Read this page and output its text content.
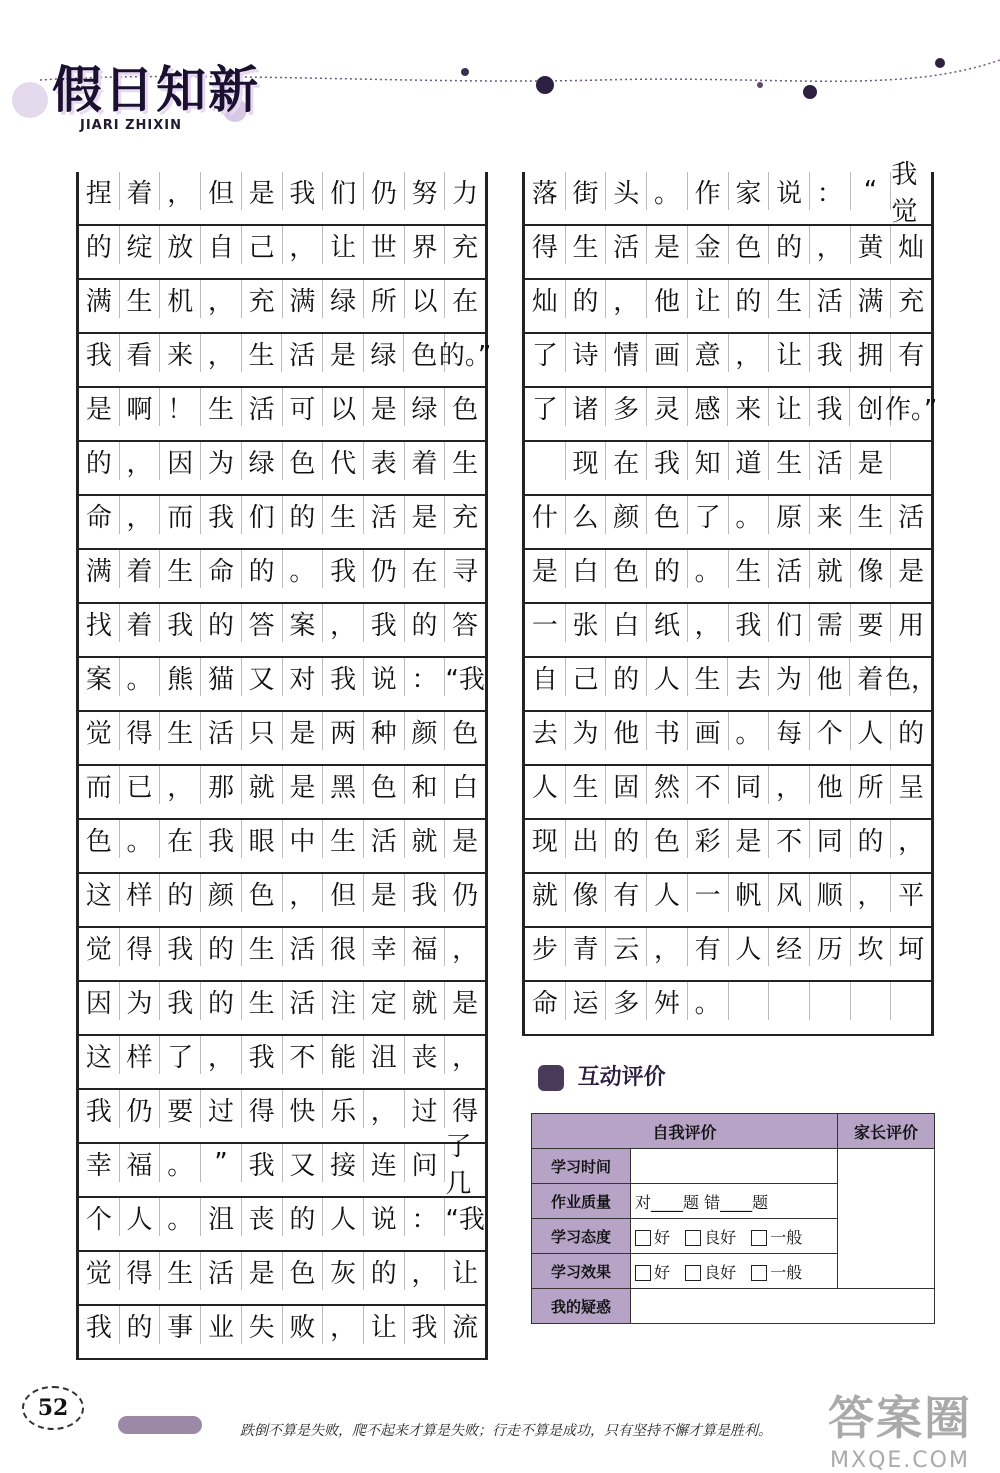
假日知新
JIARI ZHIXIN
捏 着 ， 但 是 我 们 仍 努 力
的 绽 放 自 己 ， 让 世 界 充
满 生 机 ， 充 满 绿 所 以 在
我 看 来 ， 生 活 是 绿 色 的。”
是 啊 ！ 生 活 可 以 是 绿 色
的 ， 因 为 绿 色 代 表 着 生
命 ， 而 我 们 的 生 活 是 充
满 着 生 命 的 。 我 仍 在 寻
找 着 我 的 答 案 ， 我 的 答
案 。 熊 猫 又 对 我 说 ： “我
觉 得 生 活 只 是 两 种 颜 色
而 已 ， 那 就 是 黑 色 和 白
色 。 在 我 眼 中 生 活 就 是
这 样 的 颜 色 ， 但 是 我 仍
觉 得 我 的 生 活 很 幸 福 ，
因 为 我 的 生 活 注 定 就 是
这 样 了 ， 我 不 能 沮 丧 ，
我 仍 要 过 得 快 乐 ， 过 得
幸 福 。 ” 我 又 接 连 问
了几
个 人 。 沮 丧 的 人 说 ： “我
觉 得 生 活 是 色 灰 的 ， 让
我 的 事 业 失 败 ， 让 我 流
落 街 头 。 作 家 说 ： “
我觉
得 生 活 是 金 色 的 ， 黄 灿
灿 的 ， 他 让 的 生 活 满 充
了 诗 情 画 意 ， 让 我 拥 有
了 诸 多 灵 感 来 让 我 创 作。”

现 在 我 知 道 生 活 是
什 么 颜 色 了 。 原 来 生 活
是 白 色 的 。 生 活 就 像 是
一 张 白 纸 ， 我 们 需 要 用
自 己 的 人 生 去 为 他 着 色，
去 为 他 书 画 。 每 个 人 的
人 生 固 然 不 同 ， 他 所 呈
现 出 的 色 彩 是 不 同 的 ，
就 像 有 人 一 帆 风 顺 ， 平
步 青 云 ， 有 人 经 历 坎 坷
命 运 多 舛 。
互动评价
自我评价		家长评价
学习时间		
作业质量	对____题 错____题	
学习态度	好 良好 一般	
学习效果	好 良好 一般	
我的疑惑		
52
跌倒不算是失败，爬不起来才算是失败；行走不算是成功，只有坚持不懈才算是胜利。 答案圈
MXQE.COM
